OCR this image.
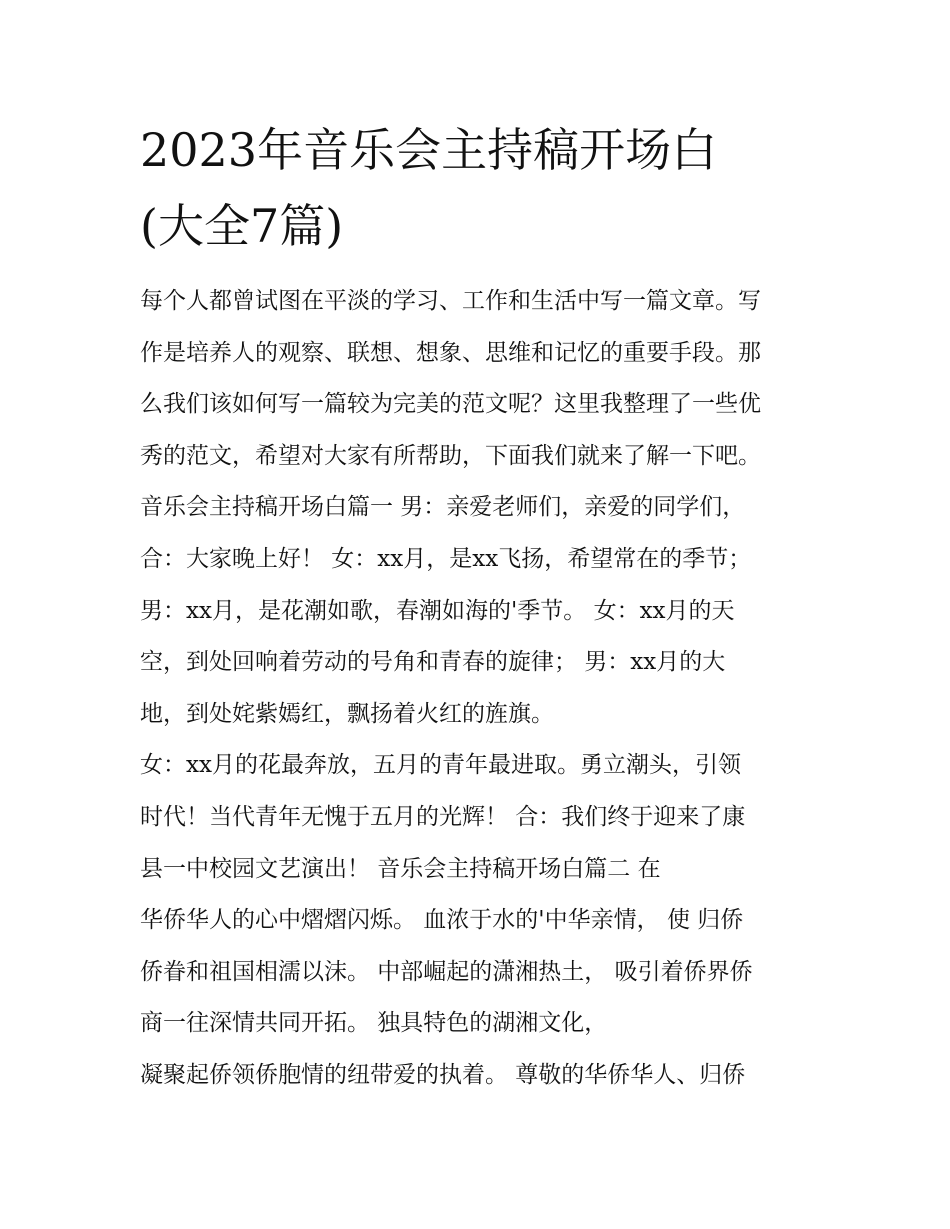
2023年音乐会主持稿开场白
(大全7篇)
每个人都曾试图在平淡的学习、工作和生活中写一篇文章。写
作是培养人的观察、联想、想象、思维和记忆的重要手段。那
么我们该如何写一篇较为完美的范文呢？这里我整理了一些优
秀的范文，希望对大家有所帮助，下面我们就来了解一下吧。
音乐会主持稿开场白篇一 男：亲爱老师们，亲爱的同学们，
合：大家晚上好！ 女：xx月，是xx飞扬，希望常在的季节；
男：xx月，是花潮如歌，春潮如海的'季节。 女：xx月的天
空，到处回响着劳动的号角和青春的旋律； 男：xx月的大
地，到处姹紫嫣红，飘扬着火红的旌旗。
女：xx月的花最奔放，五月的青年最进取。勇立潮头，引领
时代！当代青年无愧于五月的光辉！ 合：我们终于迎来了康
县一中校园文艺演出！ 音乐会主持稿开场白篇二 在
华侨华人的心中熠熠闪烁。 血浓于水的'中华亲情， 使 归侨
侨眷和祖国相濡以沫。 中部崛起的潇湘热土， 吸引着侨界侨
商一往深情共同开拓。 独具特色的湖湘文化，
凝聚起侨领侨胞情的纽带爱的执着。 尊敬的华侨华人、归侨
